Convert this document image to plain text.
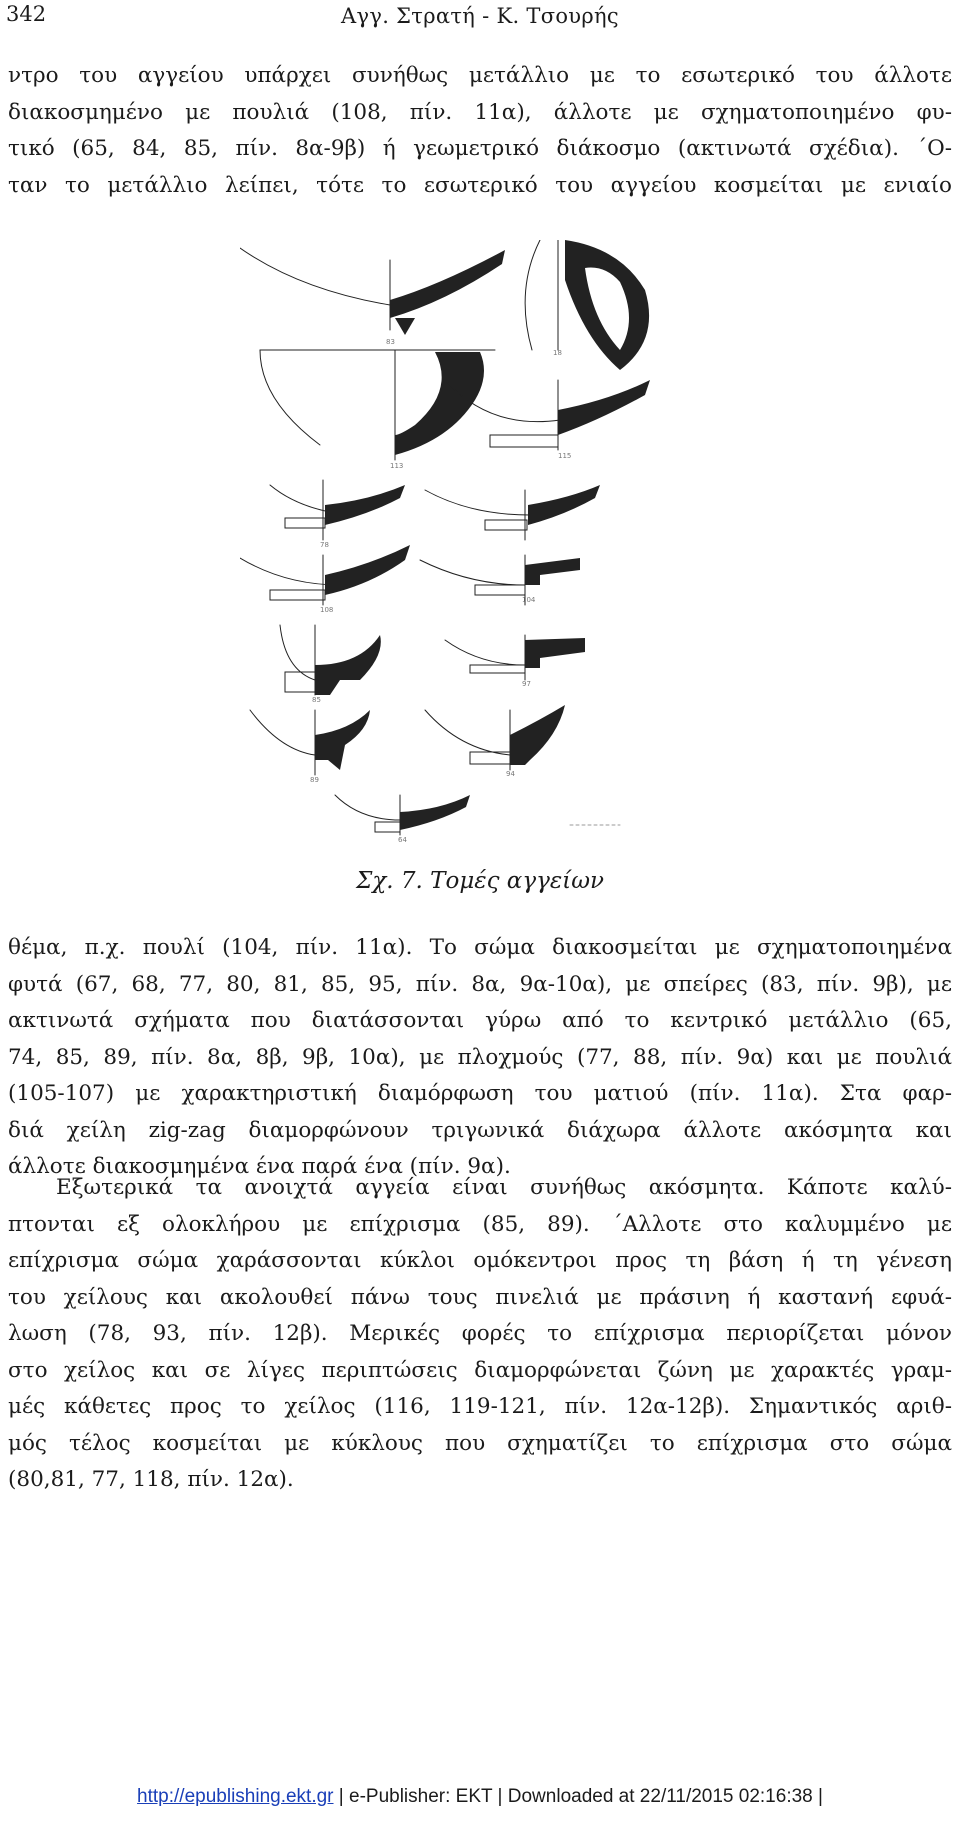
342	Αγγ. Στρατή - Κ. Τσουρής
ντρο του αγγείου υπάρχει συνήθως μετάλλιο με το εσωτερικό του άλλοτε
διακοσμημένο με πουλιά (108, πίν. 11α), άλλοτε με σχηματοποιημένο φυ-
τικό (65, 84, 85, πίν. 8α-9β) ή γεωμετρικό διάκοσμο (ακτινωτά σχέδια). ΄Ο-
ταν το μετάλλιο λείπει, τότε το εσωτερικό του αγγείου κοσμείται με ενιαίο
83
18
113
115
78
108
104
85
97
89
94
64
Σχ. 7. Τομές αγγείων
θέμα, π.χ. πουλί (104, πίν. 11α). Το σώμα διακοσμείται με σχηματοποιημένα
φυτά (67, 68, 77, 80, 81, 85, 95, πίν. 8α, 9α-10α), με σπείρες (83, πίν. 9β), με
ακτινωτά σχήματα που διατάσσονται γύρω από το κεντρικό μετάλλιο (65,
74, 85, 89, πίν. 8α, 8β, 9β, 10α), με πλοχμούς (77, 88, πίν. 9α) και με πουλιά
(105-107) με χαρακτηριστική διαμόρφωση του ματιού (πίν. 11α). Στα φαρ-
διά χείλη zig-zag διαμορφώνουν τριγωνικά διάχωρα άλλοτε ακόσμητα και
άλλοτε διακοσμημένα ένα παρά ένα (πίν. 9α).
Εξωτερικά τα ανοιχτά αγγεία είναι συνήθως ακόσμητα. Κάποτε καλύ-
πτονται εξ ολοκλήρου με επίχρισμα (85, 89). ΄Αλλοτε στο καλυμμένο με
επίχρισμα σώμα χαράσσονται κύκλοι ομόκεντροι προς τη βάση ή τη γένεση
του χείλους και ακολουθεί πάνω τους πινελιά με πράσινη ή καστανή εφυά-
λωση (78, 93, πίν. 12β). Μερικές φορές το επίχρισμα περιορίζεται μόνον
στο χείλος και σε λίγες περιπτώσεις διαμορφώνεται ζώνη με χαρακτές γραμ-
μές κάθετες προς το χείλος (116, 119-121, πίν. 12α-12β). Σημαντικός αριθ-
μός τέλος κοσμείται με κύκλους που σχηματίζει το επίχρισμα στο σώμα
(80,81, 77, 118, πίν. 12α).
http://epublishing.ekt.gr | e-Publisher: EKT | Downloaded at 22/11/2015 02:16:38 |
